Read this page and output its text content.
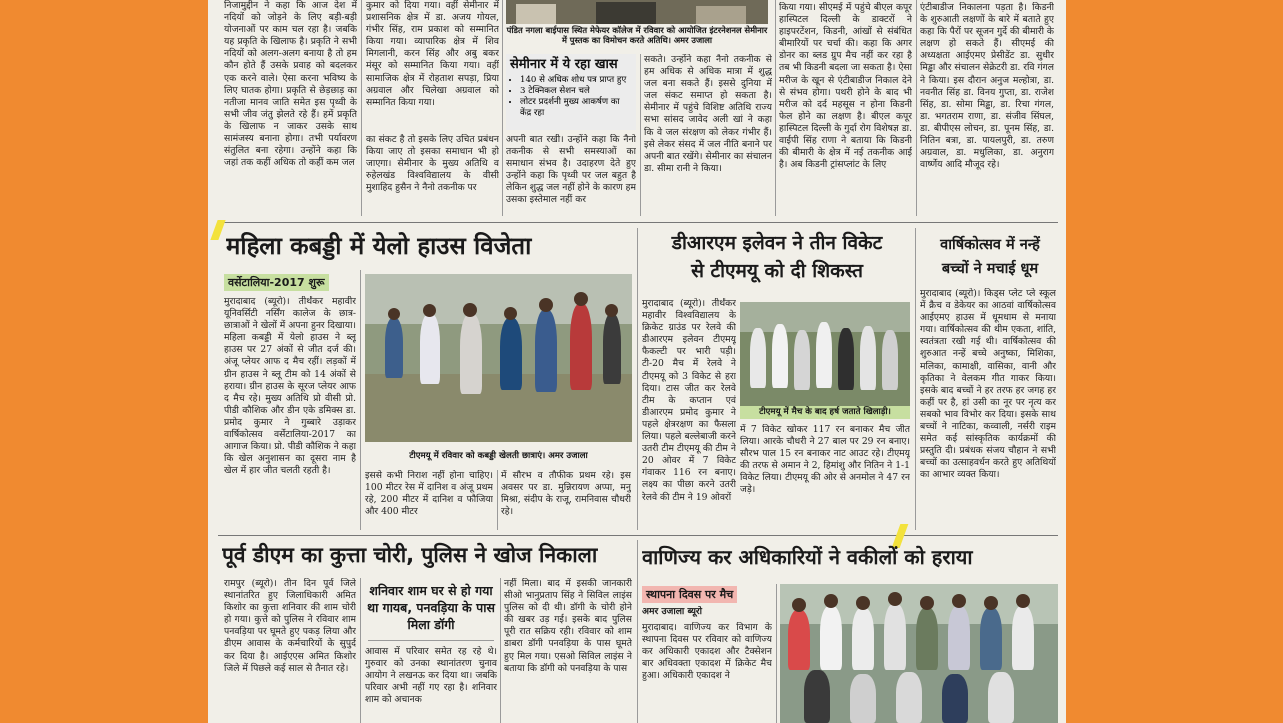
निजामुद्दीन ने कहा कि आज देश में नदियों को जोड़ने के लिए बड़ी-बड़ी योजनाओं पर काम चल रहा है। जबकि यह प्रकृति के खिलाफ है। प्रकृति ने सभी नदियों को अलग-अलग बनाया है तो हम कौन होते हैं उसके प्रवाह को बदलकर एक करने वाले। ऐसा करना भविष्य के लिए घातक होगा। प्रकृति से छेड़छाड़ का नतीजा मानव जाति समेत इस पृथ्वी के सभी जीव जंतु झेलते रहे हैं। हमें प्रकृति के खिलाफ न जाकर उसके साथ सामंजस्य बनाना होगा। तभी पर्यावरण संतुलित बना रहेगा। उन्होंने कहा कि जहां तक कहीं अधिक तो कहीं कम जल

कुमार को दिया गया। वहीं सेमीनार में प्रशासनिक क्षेत्र में डा. अजय गोयल, गंभीर सिंह, राम प्रकाश को सम्मानित किया गया। व्यापारिक क्षेत्र में शिव मिगलानी, करन सिंह और अबु बकर मंसूर को सम्मानित किया गया। वहीं सामाजिक क्षेत्र में रोहताश सपड़ा, प्रिया अग्रवाल और चिलेखा अग्रवाल को सम्मानित किया गया।

का संकट है तो इसके लिए उचित प्रबंधन किया जाए तो इसका समाधान भी हो जाएगा। सेमीनार के मुख्य अतिथि व रुहेलखंड विश्वविद्यालय के वीसी मुशाहिद हुसैन ने नैनो तकनीक पर

पंडित नगला बाईपास स्थित मेफेयर कॉलेज में रविवार को आयोजित इंटरनेशनल सेमीनार में पुस्तक का विमोचन करते अतिथि। अमर उजाला
सेमीनार में ये रहा खास
• 140 से अधिक शोध पत्र प्राप्त हुए
• 3 टेक्निकल सेशन चले
• लोटर प्रदर्शनी मुख्य आकर्षण का केंद्र रहा

अपनी बात रखी। उन्होंने कहा कि नैनो तकनीक से सभी समस्याओं का समाधान संभव है। उदाहरण देते हुए उन्होंने कहा कि पृथ्वी पर जल बहुत है लेकिन शुद्ध जल नहीं होने के कारण हम उसका इस्तेमाल नहीं कर

सकते। उन्होंने कहा नैनो तकनीक से हम अधिक से अधिक मात्रा में शुद्ध जल बना सकते हैं। इससे दुनिया में जल संकट समाप्त हो सकता है। सेमीनार में पहुंचे विशिष्ट अतिथि राज्य सभा सांसद जावेद अली खां ने कहा कि वे जल संरक्षण को लेकर गंभीर हैं। इसे लेकर संसद में जल नीति बनाने पर अपनी बात रखेंगे। सेमीनार का संचालन डा. सीमा रानी ने किया।

किया गया। सीएमई में पहुंचे बीएल कपूर हास्पिटल दिल्ली के डाक्टरों ने हाइपरटेंशन, किडनी, आंखों से संबंधित बीमारियों पर चर्चा की। कहा कि अगर डोनर का ब्लड ग्रुप मैच नहीं कर रहा है तब भी किडनी बदला जा सकता है। ऐसा मरीज के खून से एंटीबाडीज निकाल देने से संभव होगा। पथरी होने के बाद भी मरीज को दर्द महसूस न होना किडनी फेल होने का लक्षण है। बीएल कपूर हास्पिटल दिल्ली के गुर्दा रोग विशेषज्ञ डा. वाईपी सिंह राणा ने बताया कि किडनी की बीमारी के क्षेत्र में नई तकनीक आई है। अब किडनी ट्रांसप्लांट के लिए

एंटीबाडीज निकालना पड़ता है। किडनी के शुरुआती लक्षणों के बारे में बताते हुए कहा कि पैरों पर सूजन गुर्दे की बीमारी के लक्षण हो सकते हैं। सीएमई की अध्यक्षता आईएमए प्रेसीडेंट डा. सुधीर मिड्ढा और संचालन सेक्रेटरी डा. रवि गंगल ने किया। इस दौरान अनुज मल्होत्रा, डा. नवनीत सिंह डा. विनय गुप्ता, डा. राजेश सिंह, डा. सोमा मिड्ढा, डा. रिचा गंगल, डा. भगतराम राणा, डा. संजीव सिंघल, डा. बीपीएस लोचन, डा. पूनम सिंह, डा. नितिन बत्रा, डा. पायलपुरी, डा. तरुण अग्रवाल, डा. मधुलिका, डा. अनुराग वार्ष्णेय आदि मौजूद रहे।

महिला कबड्डी में येलो हाउस विजेता
वर्सेटालिया-2017 शुरू

मुरादाबाद (ब्यूरो)। तीर्थंकर महावीर यूनिवर्सिटी नर्सिंग कालेज के छात्र-छात्राओं ने खेलों में अपना हुनर दिखाया। महिला कबड्डी में येलो हाउस ने ब्लू हाउस पर 27 अंकों से जीत दर्ज की। अंजू प्लेयर आफ द मैच रहीं। लड़कों में ग्रीन हाउस ने ब्लू टीम को 14 अंकों से हराया। ग्रीन हाउस के सूरज प्लेयर आफ द मैच रहे। मुख्य अतिथि प्रो वीसी प्रो. पीडी कौशिक और डीन एके डमिक्स डा. प्रमोद कुमार ने गुब्बारे उड़ाकर वार्षिकोत्सव वर्सेटालिया-2017 का आगाज किया। प्रो. पीडी कौशिक ने कहा कि खेल अनुशासन का दूसरा नाम है खेल में हार जीत चलती रहती है।

टीएमयू में रविवार को कबड्डी खेलती छात्राएं। अमर उजाला

इससे कभी निराश नहीं होना चाहिए। 100 मीटर रेस में दानिश व अंजू प्रथम रहे, 200 मीटर में दानिश व फौजिया और 400 मीटर

में सौरभ व तौफीक प्रथम रहे। इस अवसर पर डा. मुन्निरायण अप्पा, मनु मिश्रा, संदीप के राजू, रामनिवास चौधरी रहे।

डीआरएम इलेवन ने तीन विकेट
से टीएमयू को दी शिकस्त

मुरादाबाद (ब्यूरो)। तीर्थंकर महावीर विश्वविद्यालय के क्रिकेट ग्राउंड पर रेलवे की डीआरएम इलेवन टीएमयू फैकल्टी पर भारी पड़ी। टी-20 मैच में रेलवे ने टीएमयू को 3 विकेट से हरा दिया। टास जीत कर रेलवे टीम के कप्तान एवं डीआरएम प्रमोद कुमार ने पहले क्षेत्ररक्षण का फैसला लिया। पहले बल्लेबाजी करने उतरी टीम टीएमयू की टीम ने 20 ओवर में 7 विकेट गंवाकर 116 रन बनाए। लक्ष्य का पीछा करने उतरी रेलवे की टीम ने 19 ओवरों

टीएमयू में मैच के बाद हर्ष जताते खिलाड़ी।

में 7 विकेट खोकर 117 रन बनाकर मैच जीत लिया। आरके चौधरी ने 27 बाल पर 29 रन बनाए। सौरभ पाल 15 रन बनाकर नाट आउट रहे। टीएमयू की तरफ से अमान ने 2, हिमांशु और नितिन ने 1-1 विकेट लिया। टीएमयू की ओर से अनमोल ने 47 रन जड़े।

वार्षिकोत्सव में नन्हें
बच्चों ने मचाई धूम

मुरादाबाद (ब्यूरो)। किड्स प्लेट प्ले स्कूल में क्रैच व डेकेयर का आठवां वार्षिकोत्सव आईएमए हाउस में धूमधाम से मनाया गया। वार्षिकोत्सव की थीम एकता, शांति, स्वतंत्रता रखी गई थी। वार्षिकोत्सव की शुरुआत नन्हें बच्चे अनुष्का, मिशिका, मलिका, कामाक्षी, वासिका, वानी और कृतिका ने वेलकम गीत गाकर किया। इसके बाद बच्चों ने हर तरफ हर जगह हर कहीं पर है, हां उसी का नूर पर नृत्य कर सबको भाव विभोर कर दिया। इसके साथ बच्चों ने नाटिका, कव्वाली, नर्सरी राइम समेत कई सांस्कृतिक कार्यक्रमों की प्रस्तुति दी। प्रबंधक संजय चौहान ने सभी बच्चों का उत्साहवर्धन करते हुए अतिथियों का आभार व्यक्त किया।

पूर्व डीएम का कुत्ता चोरी, पुलिस ने खोज निकाला

रामपुर (ब्यूरो)। तीन दिन पूर्व जिले स्थानांतरित हुए जिलाधिकारी अमित किशोर का कुत्ता शनिवार की शाम चोरी हो गया। कुत्ते को पुलिस ने रविवार शाम पनवड़िया पर घूमते हुए पकड़ लिया और डीएम आवास के कर्मचारियों के सुपुर्द कर दिया है। आईएएस अमित किशोर जिले में पिछले कई साल से तैनात रहे।

शनिवार शाम घर से हो गया था गायब, पनवड़िया के पास मिला डॉगी

आवास में परिवार समेत रह रहे थे। गुरुवार को उनका स्थानांतरण चुनाव आयोग ने लखनऊ कर दिया था। जबकि परिवार अभी नहीं गए रहा है। शनिवार शाम को अचानक

नहीं मिला। बाद में इसकी जानकारी सीओ भानुप्रताप सिंह ने सिविल लाइंस पुलिस को दी थी। डॉगी के चोरी होने की खबर उड़ गई। इसके बाद पुलिस पूरी रात सक्रिय रही। रविवार को शाम डाबरा डॉगी पनवड़िया के पास घूमते हुए मिल गया। एसओ सिविल लाइंस ने बताया कि डॉगी को पनवड़िया के पास

वाणिज्य कर अधिकारियों ने वकीलों को हराया
स्थापना दिवस पर मैच

अमर उजाला ब्यूरो

मुरादाबाद। वाणिज्य कर विभाग के स्थापना दिवस पर रविवार को वाणिज्य कर अधिकारी एकादश और टैक्सेशन बार अधिवक्ता एकादश में क्रिकेट मैच हुआ। अधिकारी एकादश ने
